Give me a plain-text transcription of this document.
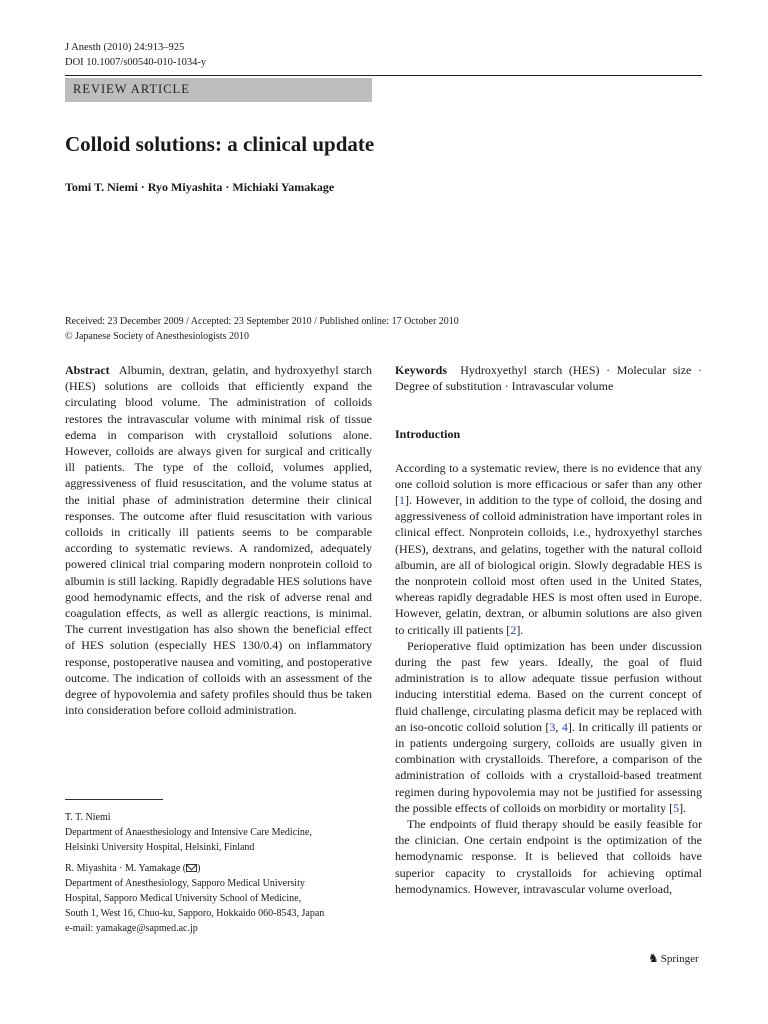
J Anesth (2010) 24:913–925
DOI 10.1007/s00540-010-1034-y
REVIEW ARTICLE
Colloid solutions: a clinical update
Tomi T. Niemi · Ryo Miyashita · Michiaki Yamakage
Received: 23 December 2009 / Accepted: 23 September 2010 / Published online: 17 October 2010
© Japanese Society of Anesthesiologists 2010

Abstract Albumin, dextran, gelatin, and hydroxyethyl starch (HES) solutions are colloids that efficiently expand the circulating blood volume. The administration of colloids restores the intravascular volume with minimal risk of tissue edema in comparison with crystalloid solutions alone. However, colloids are always given for surgical and critically ill patients. The type of the colloid, volumes applied, aggressiveness of fluid resuscitation, and the volume status at the initial phase of administration determine their clinical responses. The outcome after fluid resuscitation with various colloids in critically ill patients seems to be comparable according to systematic reviews. A randomized, adequately powered clinical trial comparing modern nonprotein colloid to albumin is still lacking. Rapidly degradable HES solutions have good hemodynamic effects, and the risk of adverse renal and coagulation effects, as well as allergic reactions, is minimal. The current investigation has also shown the beneficial effect of HES solution (especially HES 130/0.4) on inflammatory response, postoperative nausea and vomiting, and postoperative outcome. The indication of colloids with an assessment of the degree of hypovolemia and safety profiles should thus be taken into consideration before colloid administration.

T. T. Niemi
Department of Anaesthesiology and Intensive Care Medicine,
Helsinki University Hospital, Helsinki, Finland
R. Miyashita · M. Yamakage ( )
Department of Anesthesiology, Sapporo Medical University
Hospital, Sapporo Medical University School of Medicine,
South 1, West 16, Chuo-ku, Sapporo, Hokkaido 060-8543, Japan
e-mail: yamakage@sapmed.ac.jp

Keywords Hydroxyethyl starch (HES) · Molecular size · Degree of substitution · Intravascular volume

Introduction

According to a systematic review, there is no evidence that any one colloid solution is more efficacious or safer than any other [1]. However, in addition to the type of colloid, the dosing and aggressiveness of colloid administration have important roles in clinical effect. Nonprotein colloids, i.e., hydroxyethyl starches (HES), dextrans, and gelatins, together with the natural colloid albumin, are all of biological origin. Slowly degradable HES is the nonprotein colloid most often used in the United States, whereas rapidly degradable HES is most often used in Europe. However, gelatin, dextran, or albumin solutions are also given to critically ill patients [2].

Perioperative fluid optimization has been under discussion during the past few years. Ideally, the goal of fluid administration is to allow adequate tissue perfusion without inducing interstitial edema. Based on the current concept of fluid challenge, circulating plasma deficit may be replaced with an iso-oncotic colloid solution [3, 4]. In critically ill patients or in patients undergoing surgery, colloids are usually given in combination with crystalloids. Therefore, a comparison of the administration of colloids with a crystalloid-based treatment regimen during hypovolemia may not be justified for assessing the possible effects of colloids on morbidity or mortality [5].

The endpoints of fluid therapy should be easily feasible for the clinician. One certain endpoint is the optimization of the hemodynamic response. It is believed that colloids have superior capacity to crystalloids for achieving optimal hemodynamics. However, intravascular volume overload,

♞ Springer
